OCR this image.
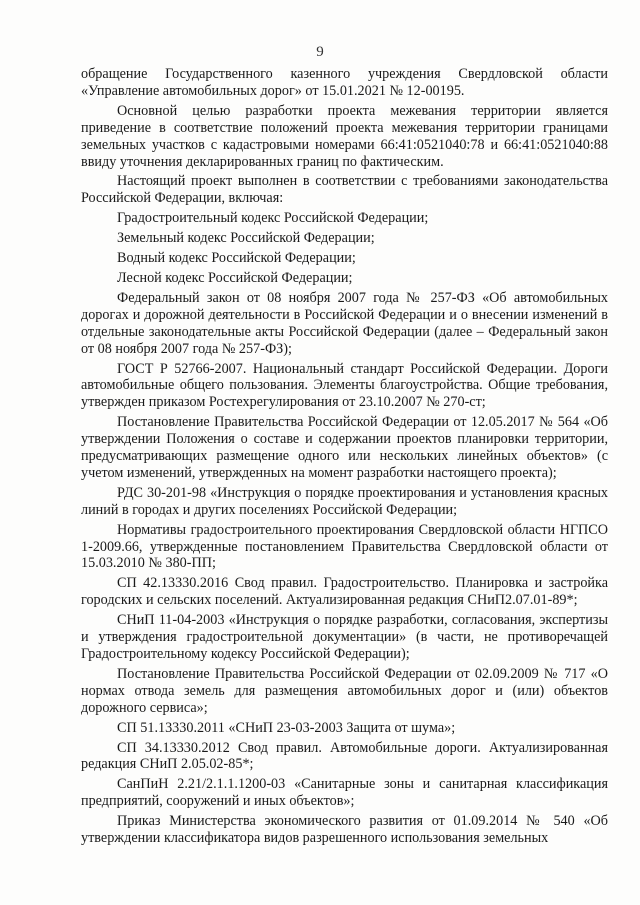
9

обращение Государственного казенного учреждения Свердловской области «Управление автомобильных дорог» от 15.01.2021 № 12-00195.

Основной целью разработки проекта межевания территории является приведение в соответствие положений проекта межевания территории границами земельных участков с кадастровыми номерами 66:41:0521040:78 и 66:41:0521040:88 ввиду уточнения декларированных границ по фактическим.

Настоящий проект выполнен в соответствии с требованиями законодательства Российской Федерации, включая:

Градостроительный кодекс Российской Федерации;

Земельный кодекс Российской Федерации;

Водный кодекс Российской Федерации;

Лесной кодекс Российской Федерации;

Федеральный закон от 08 ноября 2007 года № 257-ФЗ «Об автомобильных дорогах и дорожной деятельности в Российской Федерации и о внесении изменений в отдельные законодательные акты Российской Федерации (далее – Федеральный закон от 08 ноября 2007 года № 257-ФЗ);

ГОСТ Р 52766-2007. Национальный стандарт Российской Федерации. Дороги автомобильные общего пользования. Элементы благоустройства. Общие требования, утвержден приказом Ростехрегулирования от 23.10.2007 № 270-ст;

Постановление Правительства Российской Федерации от 12.05.2017 № 564 «Об утверждении Положения о составе и содержании проектов планировки территории, предусматривающих размещение одного или нескольких линейных объектов» (с учетом изменений, утвержденных на момент разработки настоящего проекта);

РДС 30-201-98 «Инструкция о порядке проектирования и установления красных линий в городах и других поселениях Российской Федерации;

Нормативы градостроительного проектирования Свердловской области НГПСО 1-2009.66, утвержденные постановлением Правительства Свердловской области от 15.03.2010 № 380-ПП;

СП 42.13330.2016 Свод правил. Градостроительство. Планировка и застройка городских и сельских поселений. Актуализированная редакция СНиП2.07.01-89*;

СНиП 11-04-2003 «Инструкция о порядке разработки, согласования, экспертизы и утверждения градостроительной документации» (в части, не противоречащей Градостроительному кодексу Российской Федерации);

Постановление Правительства Российской Федерации от 02.09.2009 № 717 «О нормах отвода земель для размещения автомобильных дорог и (или) объектов дорожного сервиса»;

СП 51.13330.2011 «СНиП 23-03-2003 Защита от шума»;

СП 34.13330.2012 Свод правил. Автомобильные дороги. Актуализированная редакция СНиП 2.05.02-85*;

СанПиН 2.21/2.1.1.1200-03 «Санитарные зоны и санитарная классификация предприятий, сооружений и иных объектов»;

Приказ Министерства экономического развития от 01.09.2014 № 540 «Об утверждении классификатора видов разрешенного использования земельных
